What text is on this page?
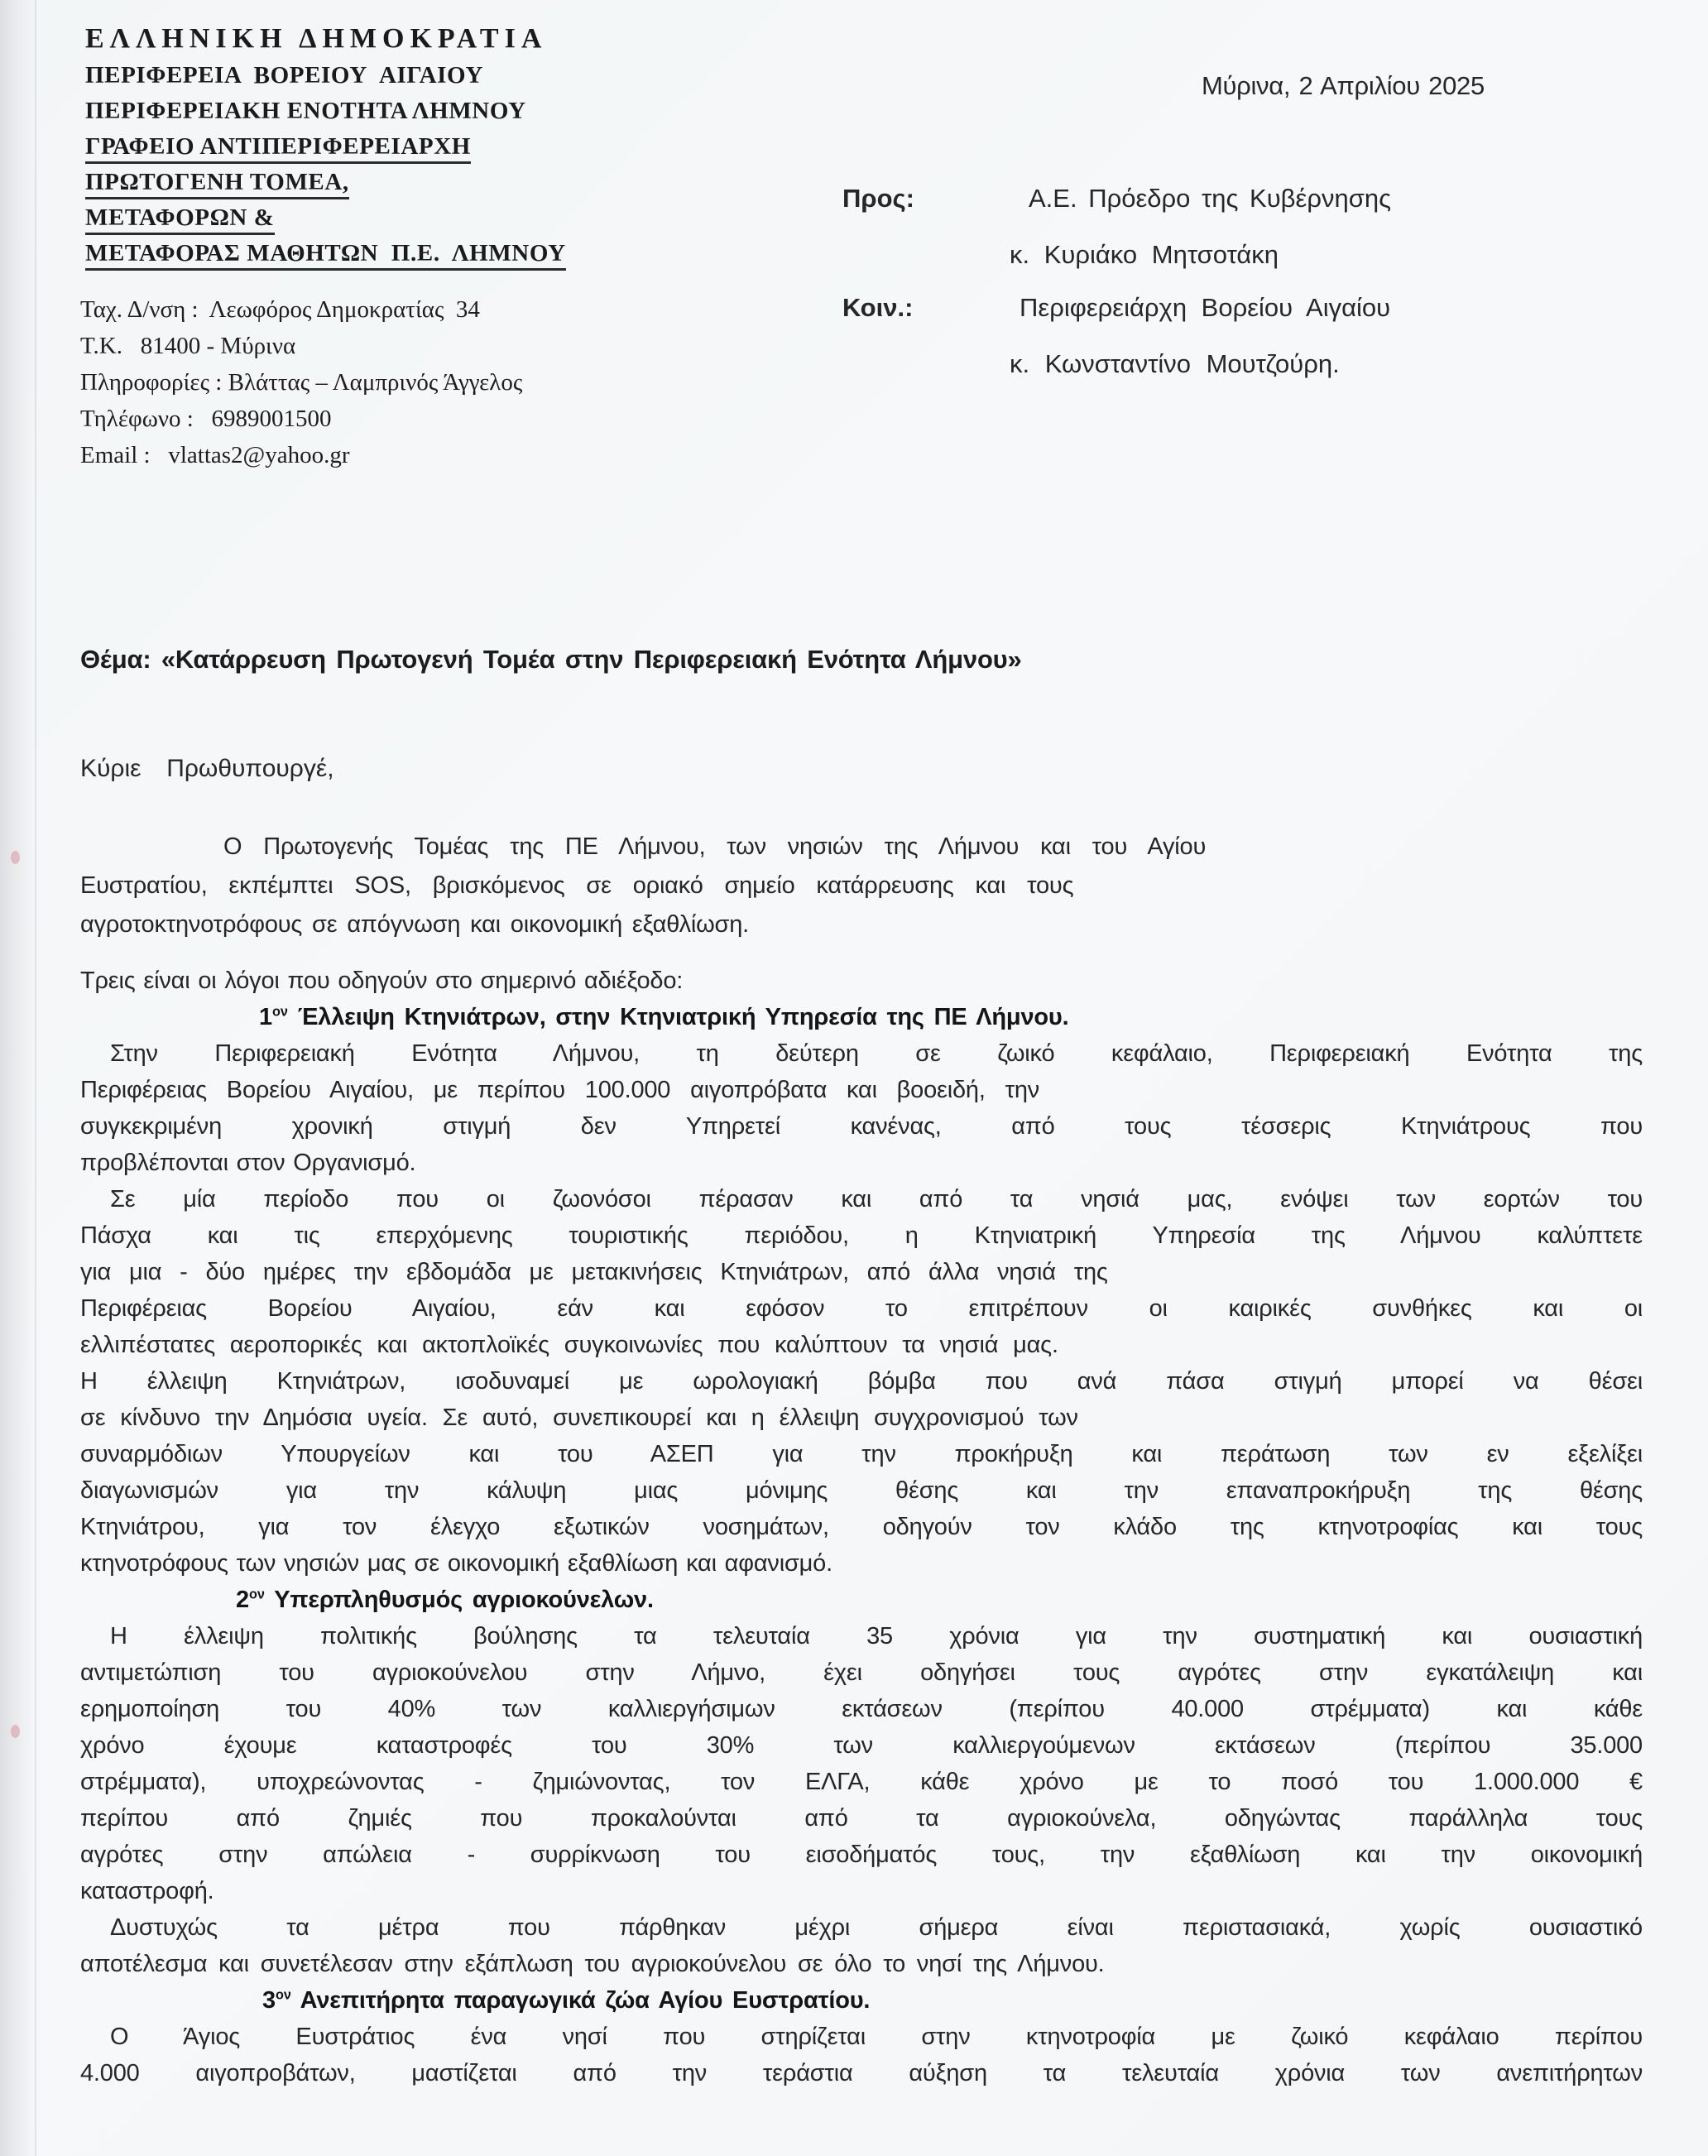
ΕΛΛΗΝΙΚΗ ΔΗΜΟΚΡΑΤΙΑ
ΠΕΡΙΦΕΡΕΙΑ  ΒΟΡΕΙΟΥ  ΑΙΓΑΙΟΥ
ΠΕΡΙΦΕΡΕΙΑΚΗ ΕΝΟΤΗΤΑ ΛΗΜΝΟΥ
ΓΡΑΦΕΙΟ ΑΝΤΙΠΕΡΙΦΕΡΕΙΑΡΧΗ
ΠΡΩΤΟΓΕΝΗ ΤΟΜΕΑ,
ΜΕΤΑΦΟΡΩΝ &
ΜΕΤΑΦΟΡΑΣ ΜΑΘΗΤΩΝ  Π.Ε.  ΛΗΜΝΟΥ
Ταχ. Δ/νση :  Λεωφόρος Δημοκρατίας  34
Τ.Κ.   81400 - Μύρινα
Πληροφορίες : Βλάττας – Λαμπρινός Άγγελος
Τηλέφωνο :   6989001500
Email :   vlattas2@yahoo.gr
Μύρινα, 2 Απριλίου 2025
Προς:	Α.Ε. Πρόεδρο της Κυβέρνησης
κ. Κυριάκο Μητσοτάκη
Κοιν.:	Περιφερειάρχη Βορείου Αιγαίου
κ. Κωνσταντίνο Μουτζούρη.
Θέμα: «Κατάρρευση Πρωτογενή Τομέα στην Περιφερειακή Ενότητα Λήμνου»
Κύριε  Πρωθυπουργέ,
Ο Πρωτογενής Τομέας της ΠΕ Λήμνου, των νησιών της Λήμνου και του Αγίου
Ευστρατίου, εκπέμπτει SOS, βρισκόμενος σε οριακό σημείο κατάρρευσης και τους
αγροτοκτηνοτρόφους σε απόγνωση και οικονομική εξαθλίωση.
Τρεις είναι οι λόγοι που οδηγούν στο σημερινό αδιέξοδο:
$1^{o\nu}$ Έλλειψη Κτηνιάτρων, στην Κτηνιατρική Υπηρεσία της ΠΕ Λήμνου.
Στην Περιφερειακή Ενότητα Λήμνου, τη δεύτερη σε ζωικό κεφάλαιο, Περιφερειακή Ενότητα της
Περιφέρειας Βορείου Αιγαίου, με περίπου 100.000 αιγοπρόβατα και βοοειδή, την
συγκεκριμένη χρονική στιγμή δεν Υπηρετεί κανένας, από τους τέσσερις Κτηνιάτρους που
προβλέπονται στον Οργανισμό.
Σε μία περίοδο που οι ζωονόσοι πέρασαν και από τα νησιά μας, ενόψει των εορτών του
Πάσχα και τις επερχόμενης τουριστικής περιόδου, η Κτηνιατρική Υπηρεσία της Λήμνου καλύπτετε
για μια - δύο ημέρες την εβδομάδα με μετακινήσεις Κτηνιάτρων, από άλλα νησιά της
Περιφέρειας Βορείου Αιγαίου, εάν και εφόσον το επιτρέπουν οι καιρικές συνθήκες και οι
ελλιπέστατες αεροπορικές και ακτοπλοϊκές συγκοινωνίες που καλύπτουν τα νησιά μας.
Η έλλειψη Κτηνιάτρων, ισοδυναμεί με ωρολογιακή βόμβα που ανά πάσα στιγμή μπορεί να θέσει
σε κίνδυνο την Δημόσια υγεία. Σε αυτό, συνεπικουρεί και η έλλειψη συγχρονισμού των
συναρμόδιων Υπουργείων και του ΑΣΕΠ για την προκήρυξη και περάτωση των εν εξελίξει
διαγωνισμών για την κάλυψη μιας μόνιμης θέσης και την επαναπροκήρυξη της θέσης
Κτηνιάτρου, για τον έλεγχο εξωτικών νοσημάτων, οδηγούν τον κλάδο της κτηνοτροφίας και τους
κτηνοτρόφους των νησιών μας σε οικονομική εξαθλίωση και αφανισμό.
$2^{o\nu}$ Υπερπληθυσμός αγριοκούνελων.
Η έλλειψη πολιτικής βούλησης τα τελευταία 35 χρόνια για την συστηματική και ουσιαστική
αντιμετώπιση του αγριοκούνελου στην Λήμνο, έχει οδηγήσει τους αγρότες στην εγκατάλειψη και
ερημοποίηση του 40% των καλλιεργήσιμων εκτάσεων (περίπου 40.000 στρέμματα) και κάθε
χρόνο έχουμε καταστροφές του 30% των καλλιεργούμενων εκτάσεων (περίπου 35.000
στρέμματα), υποχρεώνοντας - ζημιώνοντας, τον ΕΛΓΑ, κάθε χρόνο με το ποσό του 1.000.000 €
περίπου από ζημιές που προκαλούνται από τα αγριοκούνελα, οδηγώντας παράλληλα τους
αγρότες στην απώλεια - συρρίκνωση του εισοδήματός τους, την εξαθλίωση και την οικονομική
καταστροφή.
Δυστυχώς τα μέτρα που πάρθηκαν μέχρι σήμερα είναι περιστασιακά, χωρίς ουσιαστικό
αποτέλεσμα και συνετέλεσαν στην εξάπλωση του αγριοκούνελου σε όλο το νησί της Λήμνου.
$3^{o\nu}$ Ανεπιτήρητα παραγωγικά ζώα Αγίου Ευστρατίου.
Ο Άγιος Ευστράτιος ένα νησί που στηρίζεται στην κτηνοτροφία με ζωικό κεφάλαιο περίπου
4.000 αιγοπροβάτων, μαστίζεται από την τεράστια αύξηση τα τελευταία χρόνια των ανεπιτήρητων
